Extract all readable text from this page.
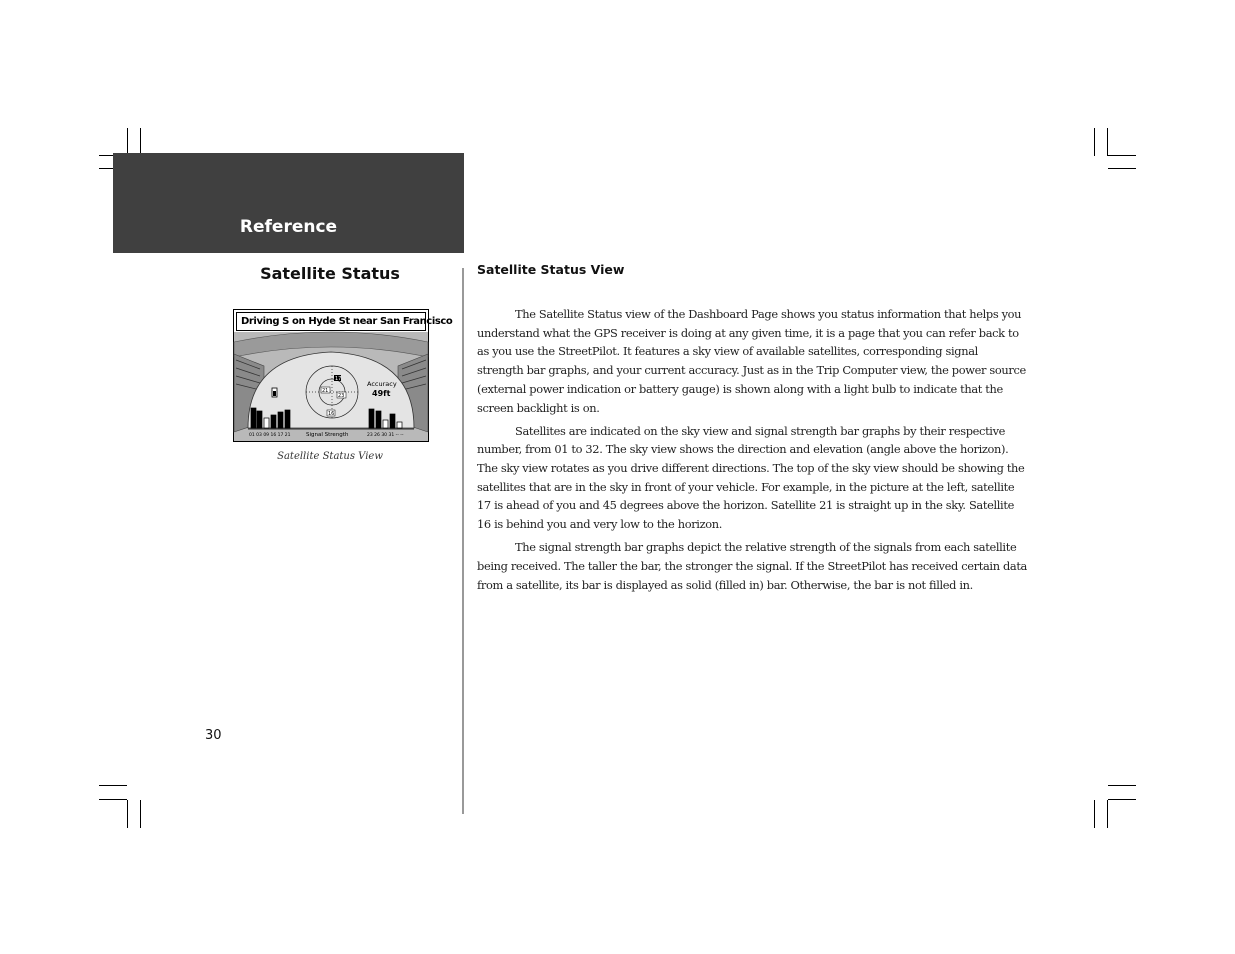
Reference
Satellite Status
Driving S on Hyde St near San Francisco
17
21
23
16
Accuracy
49ft
01 03 09 16 17 21	Signal Strength	23 26 30 31 -- --
Satellite Status View
30
Satellite Status View

The Satellite Status view of the Dashboard Page shows you status information that helps you understand what the GPS receiver is doing at any given time, it is a page that you can refer back to as you use the StreetPilot. It features a sky view of available satellites, corresponding signal strength bar graphs, and your current accuracy. Just as in the Trip Computer view, the power source (external power indication or battery gauge) is shown along with a light bulb to indicate that the screen backlight is on.

Satellites are indicated on the sky view and signal strength bar graphs by their respective number, from 01 to 32. The sky view shows the direction and elevation (angle above the horizon). The sky view rotates as you drive different directions. The top of the sky view should be showing the satellites that are in the sky in front of your vehicle. For example, in the picture at the left, satellite 17 is ahead of you and 45 degrees above the horizon. Satellite 21 is straight up in the sky. Satellite 16 is behind you and very low to the horizon.

The signal strength bar graphs depict the relative strength of the signals from each satellite being received. The taller the bar, the stronger the signal. If the StreetPilot has received certain data from a satellite, its bar is displayed as solid (filled in) bar. Otherwise, the bar is not filled in.
